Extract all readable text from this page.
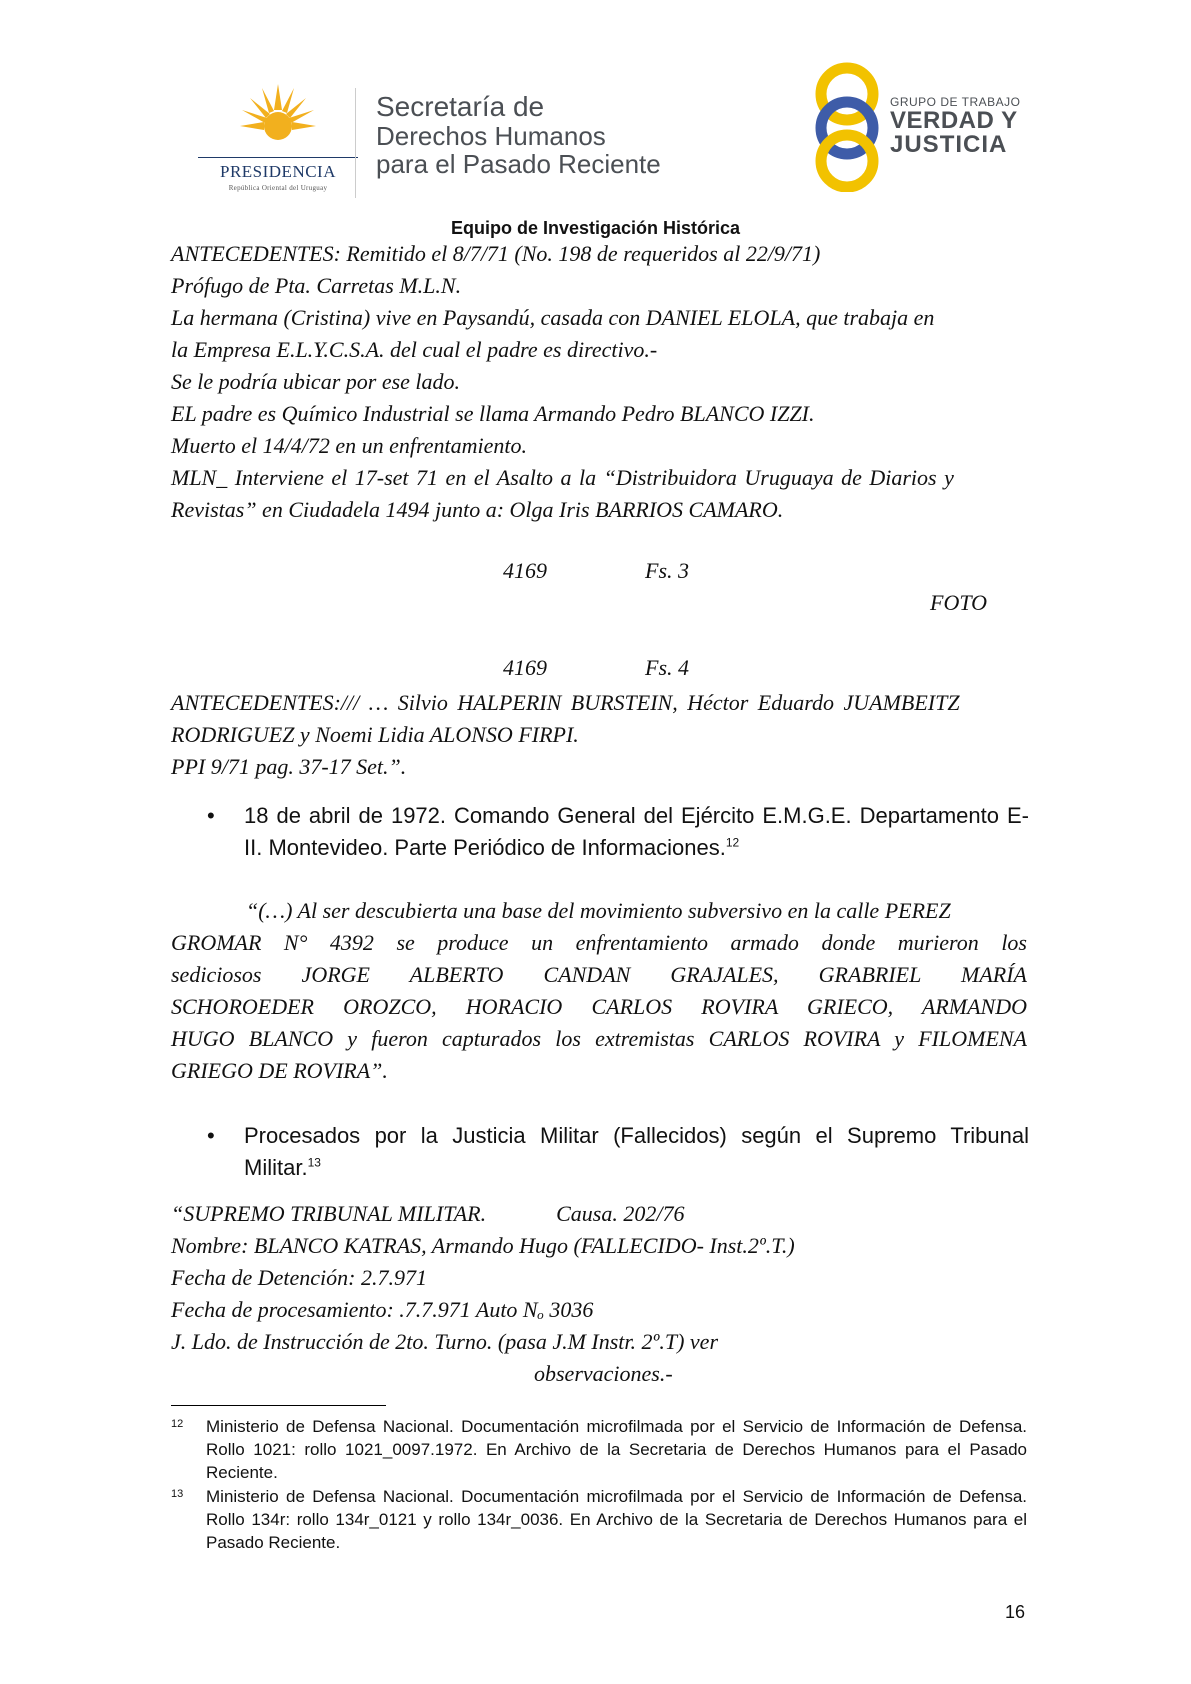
PRESIDENCIA
República Oriental del Uruguay
Secretaría de
Derechos Humanos
para el Pasado Reciente
GRUPO DE TRABAJO
VERDAD Y
JUSTICIA
Equipo de Investigación Histórica
ANTECEDENTES: Remitido el 8/7/71 (No. 198 de requeridos al 22/9/71)
Prófugo de Pta. Carretas M.L.N.
La hermana (Cristina) vive en Paysandú, casada con DANIEL ELOLA, que trabaja en
la Empresa E.L.Y.C.S.A. del cual el padre es directivo.-
Se le podría ubicar por ese lado.
EL padre es Químico Industrial se llama Armando Pedro BLANCO IZZI.
Muerto el 14/4/72 en un enfrentamiento.
MLN_ Interviene el 17-set 71 en el Asalto a la “Distribuidora Uruguaya de Diarios y
Revistas” en Ciudadela 1494 junto a: Olga Iris BARRIOS CAMARO.
4169	Fs. 3
FOTO
4169	Fs. 4
ANTECEDENTES:/// … Silvio HALPERIN BURSTEIN, Héctor Eduardo JUAMBEITZ
RODRIGUEZ y Noemi Lidia ALONSO FIRPI.
PPI 9/71 pag. 37-17 Set.”.
• 18 de abril de 1972. Comando General del Ejército E.M.G.E. Departamento E- II. Montevideo. Parte Periódico de Informaciones.$^{12}$
“(…) Al ser descubierta una base del movimiento subversivo en la calle PEREZ
GROMAR N° 4392 se produce un enfrentamiento armado donde murieron los
sediciosos JORGE ALBERTO CANDAN GRAJALES, GRABRIEL MARÍA
SCHOROEDER OROZCO, HORACIO CARLOS ROVIRA GRIECO, ARMANDO
HUGO BLANCO y fueron capturados los extremistas CARLOS ROVIRA y FILOMENA
GRIEGO DE ROVIRA”.
• Procesados por la Justicia Militar (Fallecidos) según el Supremo Tribunal Militar.$^{13}$
“SUPREMO TRIBUNAL MILITAR.	Causa. 202/76
Nombre: BLANCO KATRAS, Armando Hugo (FALLECIDO- Inst.2º.T.)
Fecha de Detención: 2.7.971
Fecha de procesamiento: .7.7.971 Auto Nₒ 3036
J. Ldo. de Instrucción de 2to. Turno. (pasa J.M Instr. 2º.T) ver
observaciones.-
12 Ministerio de Defensa Nacional. Documentación microfilmada por el Servicio de Información de Defensa. Rollo 1021: rollo 1021_0097.1972. En Archivo de la Secretaria de Derechos Humanos para el Pasado Reciente.
13 Ministerio de Defensa Nacional. Documentación microfilmada por el Servicio de Información de Defensa. Rollo 134r: rollo 134r_0121 y rollo 134r_0036. En Archivo de la Secretaria de Derechos Humanos para el Pasado Reciente.
16
